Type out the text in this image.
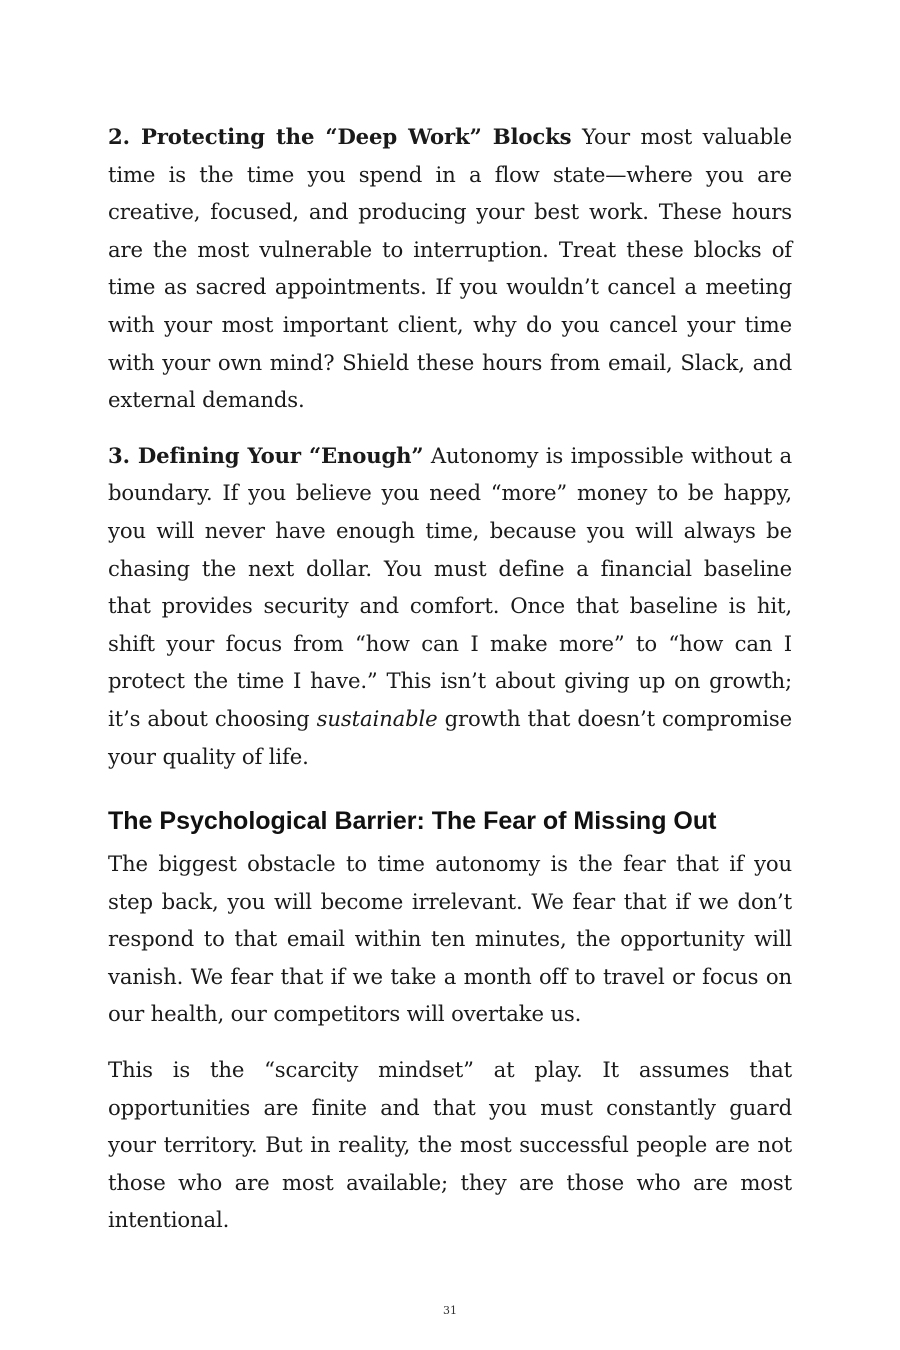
2. Protecting the “Deep Work” Blocks Your most valuable time is the time you spend in a flow state—where you are creative, focused, and producing your best work. These hours are the most vulnerable to interruption. Treat these blocks of time as sacred appointments. If you wouldn’t cancel a meeting with your most important client, why do you cancel your time with your own mind? Shield these hours from email, Slack, and external demands.

3. Defining Your “Enough” Autonomy is impossible without a boundary. If you believe you need “more” money to be happy, you will never have enough time, because you will always be chasing the next dollar. You must define a financial baseline that provides security and comfort. Once that baseline is hit, shift your focus from “how can I make more” to “how can I protect the time I have.” This isn’t about giving up on growth; it’s about choosing sustainable growth that doesn’t compromise your quality of life.

The Psychological Barrier: The Fear of Missing Out

The biggest obstacle to time autonomy is the fear that if you step back, you will become irrelevant. We fear that if we don’t respond to that email within ten minutes, the opportunity will vanish. We fear that if we take a month off to travel or focus on our health, our competitors will overtake us.

This is the “scarcity mindset” at play. It assumes that opportunities are finite and that you must constantly guard your territory. But in reality, the most successful people are not those who are most available; they are those who are most intentional.

31
